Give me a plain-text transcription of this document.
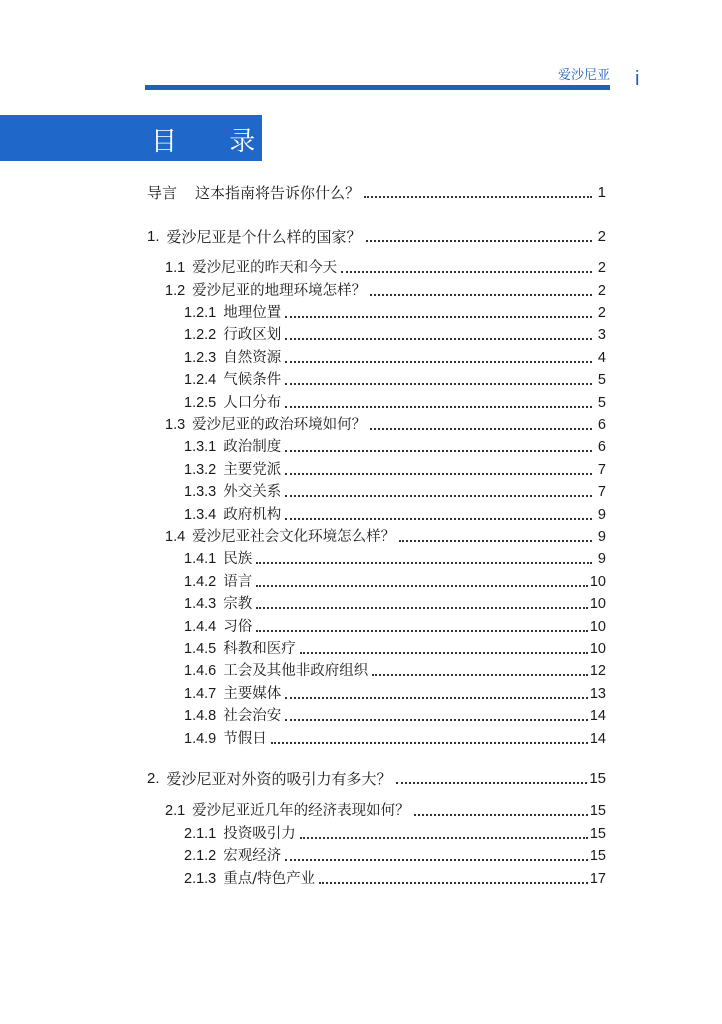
爱沙尼亚 i
目 录
导言 这本指南将告诉你什么？	1
1. 爱沙尼亚是个什么样的国家？	2
1.1 爱沙尼亚的昨天和今天	2
1.2 爱沙尼亚的地理环境怎样？	2
1.2.1 地理位置	2
1.2.2 行政区划	3
1.2.3 自然资源	4
1.2.4 气候条件	5
1.2.5 人口分布	5
1.3 爱沙尼亚的政治环境如何？	6
1.3.1 政治制度	6
1.3.2 主要党派	7
1.3.3 外交关系	7
1.3.4 政府机构	9
1.4 爱沙尼亚社会文化环境怎么样？	9
1.4.1 民族	9
1.4.2 语言	10
1.4.3 宗教	10
1.4.4 习俗	10
1.4.5 科教和医疗	10
1.4.6 工会及其他非政府组织	12
1.4.7 主要媒体	13
1.4.8 社会治安	14
1.4.9 节假日	14
2. 爱沙尼亚对外资的吸引力有多大？	15
2.1 爱沙尼亚近几年的经济表现如何？	15
2.1.1 投资吸引力	15
2.1.2 宏观经济	15
2.1.3 重点/特色产业	17
